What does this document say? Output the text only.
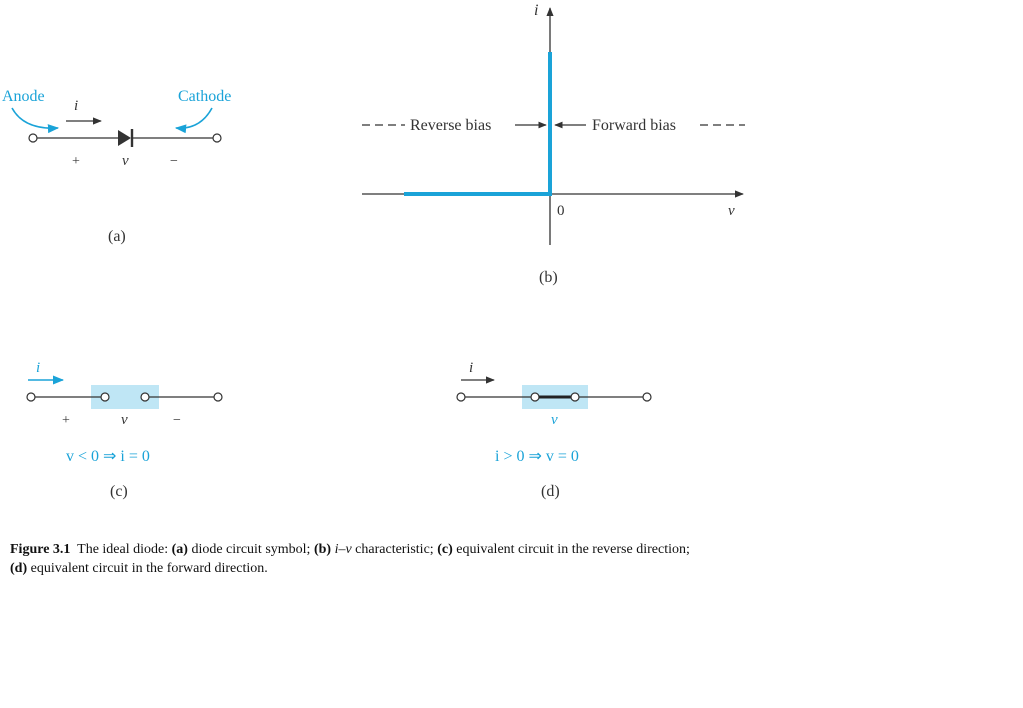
Anode	Cathode
i
+	v	−
(a)
i
v
0
Reverse bias	Forward bias
(b)
i
+	v	−
v < 0 ⇒ i = 0
(c)
i
v
i > 0 ⇒ v = 0
(d)
Figure 3.1 The ideal diode: (a) diode circuit symbol; (b) i–v characteristic; (c) equivalent circuit in the reverse direction;
(d) equivalent circuit in the forward direction.
